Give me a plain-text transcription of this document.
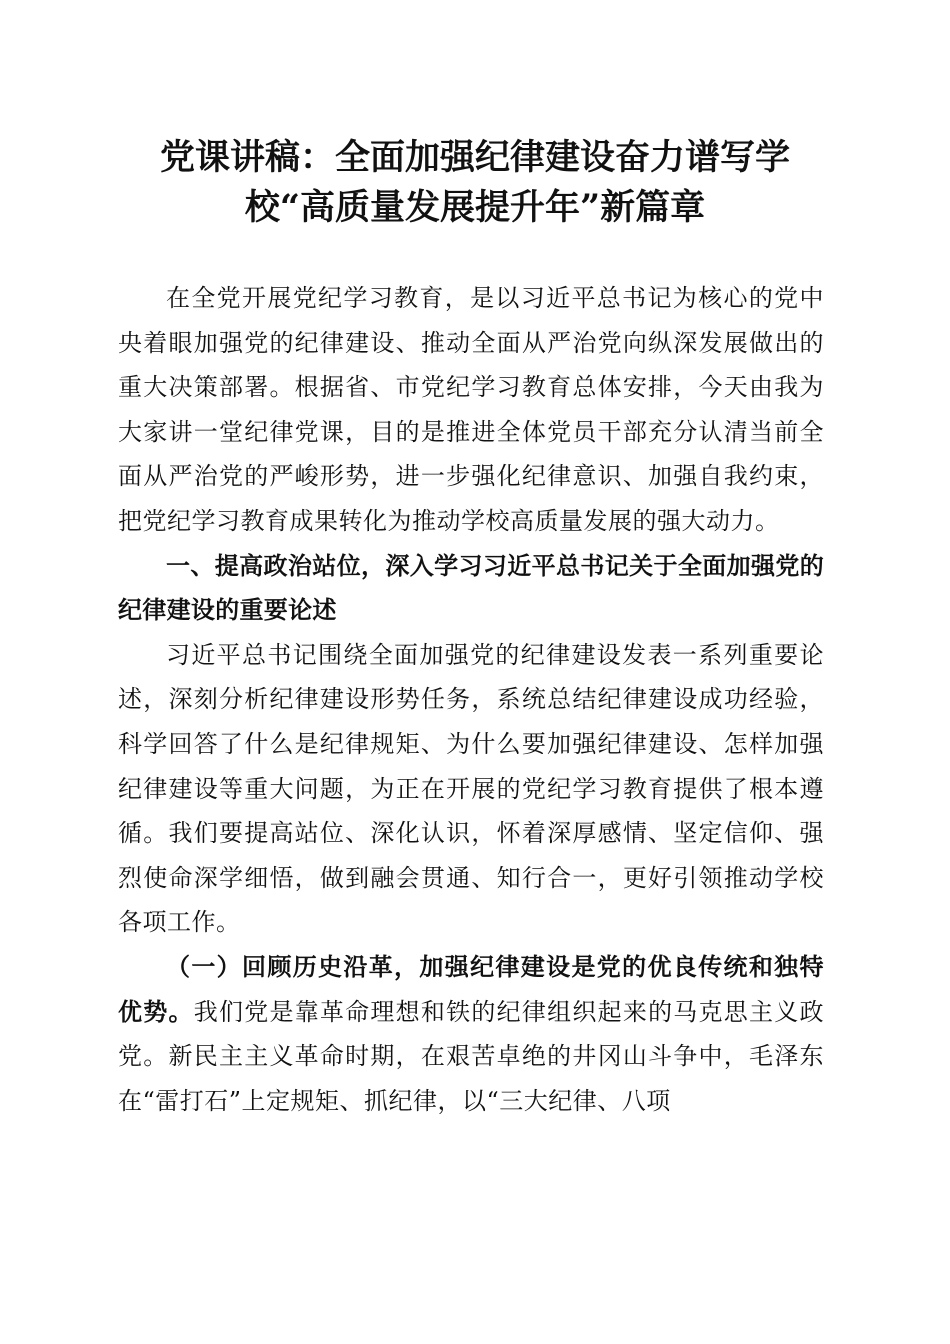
党课讲稿：全面加强纪律建设奋力谱写学
校“高质量发展提升年”新篇章

在全党开展党纪学习教育，是以习近平总书记为核心的党中央着眼加强党的纪律建设、推动全面从严治党向纵深发展做出的重大决策部署。根据省、市党纪学习教育总体安排，今天由我为大家讲一堂纪律党课，目的是推进全体党员干部充分认清当前全面从严治党的严峻形势，进一步强化纪律意识、加强自我约束，把党纪学习教育成果转化为推动学校高质量发展的强大动力。

一、提高政治站位，深入学习习近平总书记关于全面加强党的纪律建设的重要论述

习近平总书记围绕全面加强党的纪律建设发表一系列重要论述，深刻分析纪律建设形势任务，系统总结纪律建设成功经验，科学回答了什么是纪律规矩、为什么要加强纪律建设、怎样加强纪律建设等重大问题，为正在开展的党纪学习教育提供了根本遵循。我们要提高站位、深化认识，怀着深厚感情、坚定信仰、强烈使命深学细悟，做到融会贯通、知行合一，更好引领推动学校各项工作。

（一）回顾历史沿革，加强纪律建设是党的优良传统和独特优势。我们党是靠革命理想和铁的纪律组织起来的马克思主义政党。新民主主义革命时期，在艰苦卓绝的井冈山斗争中，毛泽东在“雷打石”上定规矩、抓纪律，以“三大纪律、八项
